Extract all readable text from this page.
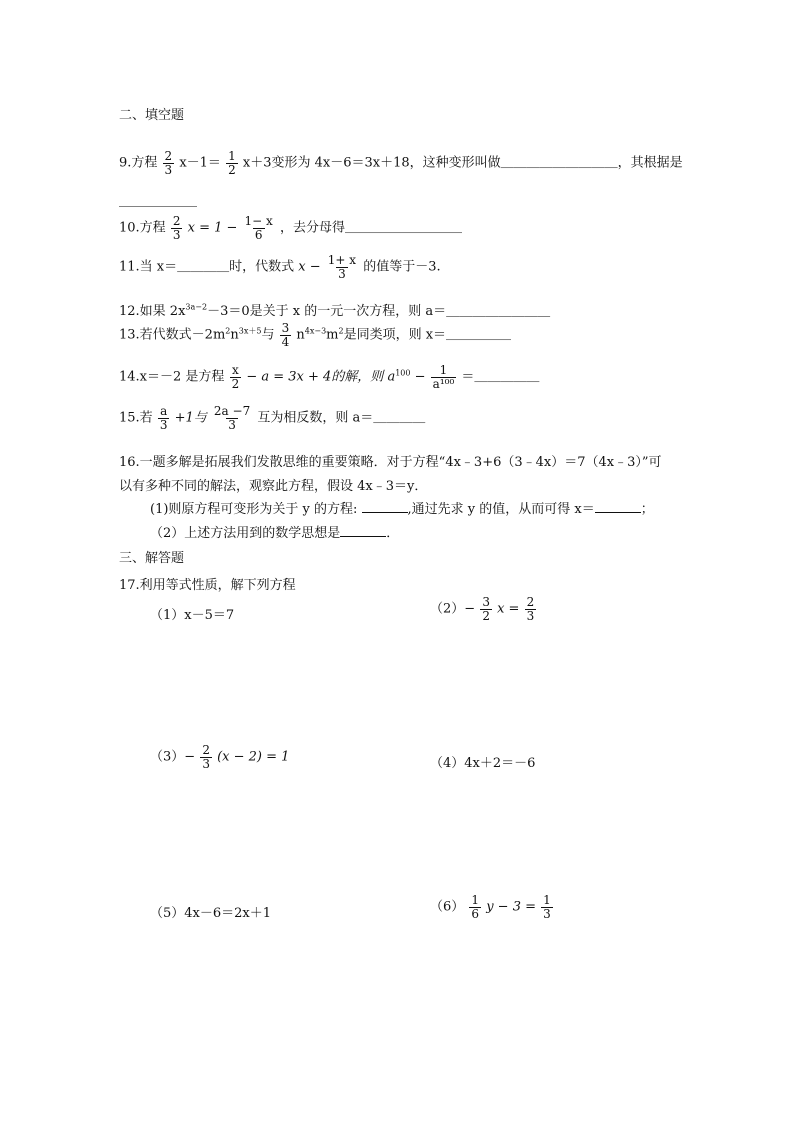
二、填空题
9.方程 $\frac{2}{3} x-1= \frac{1}{2} x+3$变形为 4x－6＝3x＋18，这种变形叫做＿＿＿＿＿＿＿＿＿，其根据是
＿＿＿＿＿＿
10.方程 $\frac{2}{3}$ $x = 1 - \frac{1- x}{6}$ ，去分母得＿＿＿＿＿＿＿＿＿
11.当 x＝＿＿＿＿时，代数式 $x - \frac{1+ x}{3}$ 的值等于－3.
12.如果 $2x^{3a-2}-3=0$是关于 x 的一元一次方程，则 a＝＿＿＿＿＿＿＿＿
13.若代数式$-2m^2n^{3x+5}$与 $\frac{3}{4} n^{4x-3}m^2$是同类项，则 x＝＿＿＿＿＿
14.x＝－2 是方程 $\frac{x}{2} - a = 3x + 4$的解，则 $a^{100} - \frac{1}{\text{a¹⁰⁰}}$ ＝＿＿＿＿＿
15.若 $\frac{a}{3} +1$与 $\frac{2a -7}{3}$ 互为相反数，则 a＝＿＿＿＿
16.一题多解是拓展我们发散思维的重要策略．对于方程“4x﹣3+6（3﹣4x）＝7（4x﹣3）”可
以有多种不同的解法，观察此方程，假设 4x﹣3＝y．
(1)则原方程可变形为关于 y 的方程:	,通过先求 y 的值，从而可得 x＝	；
（2）上述方法用到的数学思想是	．
三、解答题
17.利用等式性质，解下列方程
（1）x－5＝7	$(2)- \frac{3}{2}$ $x = \frac{2}{3}$
$(3)- \frac{2}{3} (x - 2) = 1$	（4）4x＋2＝－6
（5）4x－6＝2x＋1	$(6) \frac{1}{6}$ $y - 3 = \frac{1}{3}$
